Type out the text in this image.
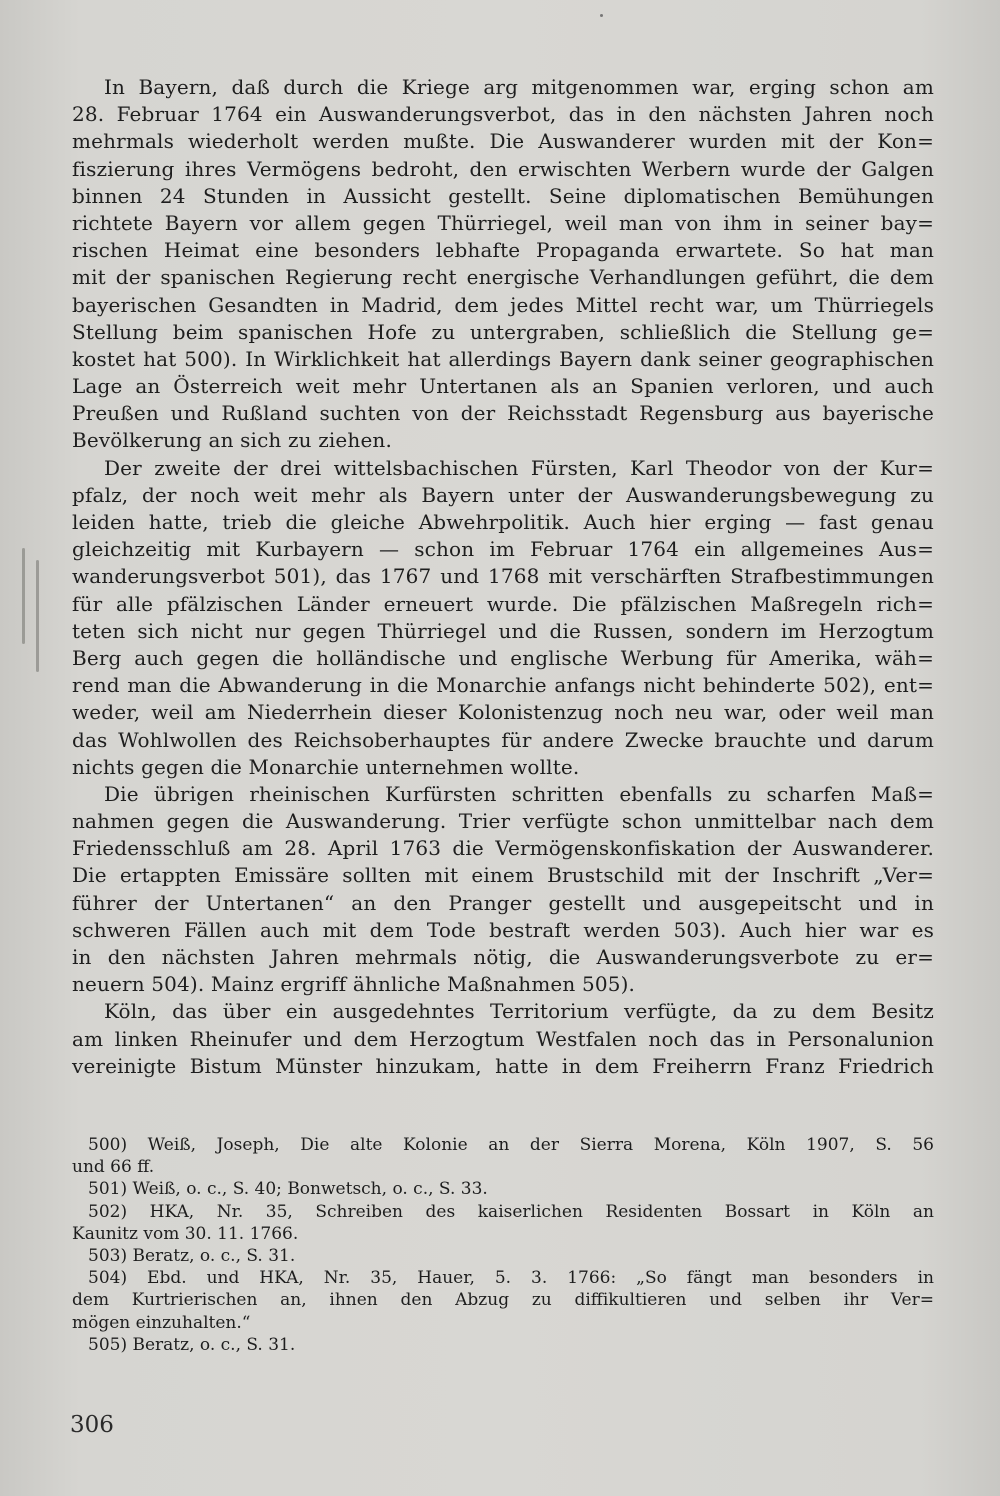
In Bayern, daß durch die Kriege arg mitgenommen war, erging schon am
28. Februar 1764 ein Auswanderungsverbot, das in den nächsten Jahren noch
mehrmals wiederholt werden mußte. Die Auswanderer wurden mit der Kon=
fiszierung ihres Vermögens bedroht, den erwischten Werbern wurde der Galgen
binnen 24 Stunden in Aussicht gestellt. Seine diplomatischen Bemühungen
richtete Bayern vor allem gegen Thürriegel, weil man von ihm in seiner bay=
rischen Heimat eine besonders lebhafte Propaganda erwartete. So hat man
mit der spanischen Regierung recht energische Verhandlungen geführt, die dem
bayerischen Gesandten in Madrid, dem jedes Mittel recht war, um Thürriegels
Stellung beim spanischen Hofe zu untergraben, schließlich die Stellung ge=
kostet hat 500). In Wirklichkeit hat allerdings Bayern dank seiner geographischen
Lage an Österreich weit mehr Untertanen als an Spanien verloren, und auch
Preußen und Rußland suchten von der Reichsstadt Regensburg aus bayerische
Bevölkerung an sich zu ziehen.
Der zweite der drei wittelsbachischen Fürsten, Karl Theodor von der Kur=
pfalz, der noch weit mehr als Bayern unter der Auswanderungsbewegung zu
leiden hatte, trieb die gleiche Abwehrpolitik. Auch hier erging — fast genau
gleichzeitig mit Kurbayern — schon im Februar 1764 ein allgemeines Aus=
wanderungsverbot 501), das 1767 und 1768 mit verschärften Strafbestimmungen
für alle pfälzischen Länder erneuert wurde. Die pfälzischen Maßregeln rich=
teten sich nicht nur gegen Thürriegel und die Russen, sondern im Herzogtum
Berg auch gegen die holländische und englische Werbung für Amerika, wäh=
rend man die Abwanderung in die Monarchie anfangs nicht behinderte 502), ent=
weder, weil am Niederrhein dieser Kolonistenzug noch neu war, oder weil man
das Wohlwollen des Reichsoberhauptes für andere Zwecke brauchte und darum
nichts gegen die Monarchie unternehmen wollte.
Die übrigen rheinischen Kurfürsten schritten ebenfalls zu scharfen Maß=
nahmen gegen die Auswanderung. Trier verfügte schon unmittelbar nach dem
Friedensschluß am 28. April 1763 die Vermögenskonfiskation der Auswanderer.
Die ertappten Emissäre sollten mit einem Brustschild mit der Inschrift „Ver=
führer der Untertanen“ an den Pranger gestellt und ausgepeitscht und in
schweren Fällen auch mit dem Tode bestraft werden 503). Auch hier war es
in den nächsten Jahren mehrmals nötig, die Auswanderungsverbote zu er=
neuern 504). Mainz ergriff ähnliche Maßnahmen 505).
Köln, das über ein ausgedehntes Territorium verfügte, da zu dem Besitz
am linken Rheinufer und dem Herzogtum Westfalen noch das in Personalunion
vereinigte Bistum Münster hinzukam, hatte in dem Freiherrn Franz Friedrich
500) Weiß, Joseph, Die alte Kolonie an der Sierra Morena, Köln 1907, S. 56
und 66 ff.
501) Weiß, o. c., S. 40; Bonwetsch, o. c., S. 33.
502) HKA, Nr. 35, Schreiben des kaiserlichen Residenten Bossart in Köln an
Kaunitz vom 30. 11. 1766.
503) Beratz, o. c., S. 31.
504) Ebd. und HKA, Nr. 35, Hauer, 5. 3. 1766: „So fängt man besonders in
dem Kurtrierischen an, ihnen den Abzug zu diffikultieren und selben ihr Ver=
mögen einzuhalten.“
505) Beratz, o. c., S. 31.
306
